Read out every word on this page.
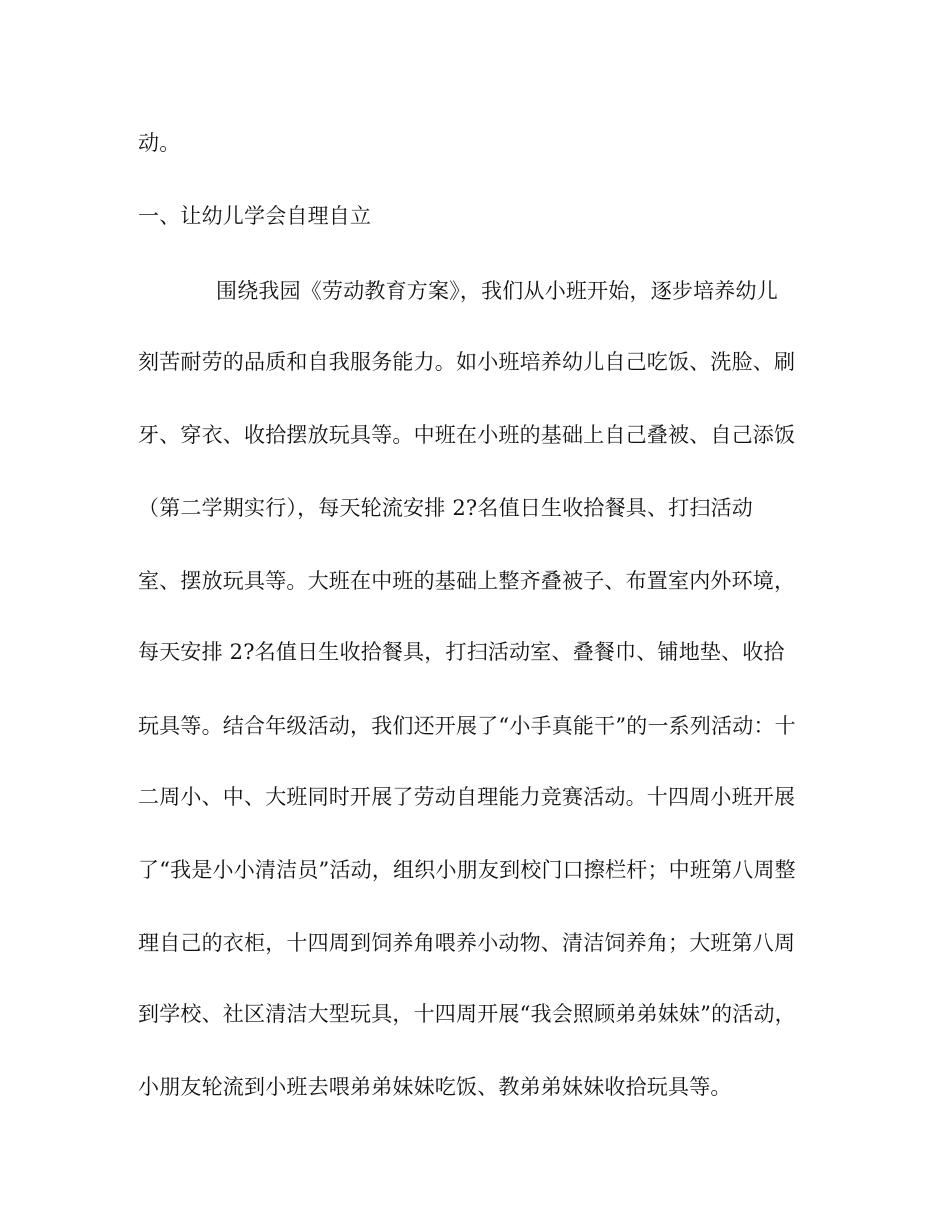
动。
一、让幼儿学会自理自立
围绕我园《劳动教育方案》，我们从小班开始，逐步培养幼儿
刻苦耐劳的品质和自我服务能力。如小班培养幼儿自己吃饭、洗脸、刷
牙、穿衣、收拾摆放玩具等。中班在小班的基础上自己叠被、自己添饭
（第二学期实行），每天轮流安排 2?名值日生收拾餐具、打扫活动
室、摆放玩具等。大班在中班的基础上整齐叠被子、布置室内外环境，
每天安排 2?名值日生收拾餐具，打扫活动室、叠餐巾、铺地垫、收拾
玩具等。结合年级活动，我们还开展了“小手真能干”的一系列活动：十
二周小、中、大班同时开展了劳动自理能力竞赛活动。十四周小班开展
了“我是小小清洁员”活动，组织小朋友到校门口擦栏杆；中班第八周整
理自己的衣柜，十四周到饲养角喂养小动物、清洁饲养角；大班第八周
到学校、社区清洁大型玩具，十四周开展“我会照顾弟弟妹妹”的活动，
小朋友轮流到小班去喂弟弟妹妹吃饭、教弟弟妹妹收拾玩具等。
